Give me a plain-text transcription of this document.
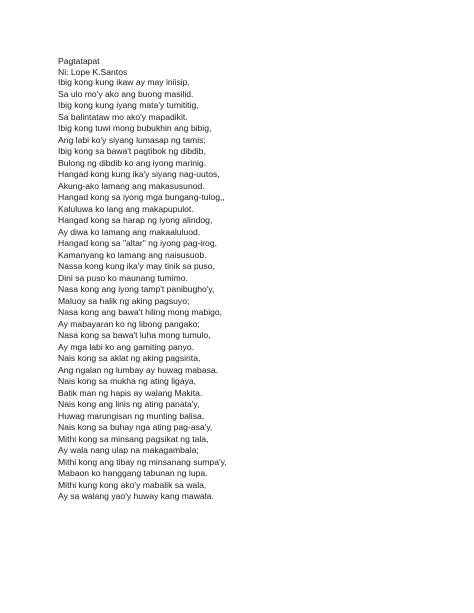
Pagtatapat
Ni: Lope K.Santos
Ibig kong kung ikaw ay may iniisip,
Sa ulo mo'y ako ang buong masilid.
Ibig kong kung iyang mata'y tumititig,
Sa balintataw mo ako'y mapadikit.
Ibig kong tuwi mong bubukhin ang bibig,
Ang labi ko'y siyang lumasap ng tamis;
Ibig kong sa bawa't pagtibok ng dibdib,
Bulong ng dibdib ko ang iyong marinig.
Hangad kong kung ika'y siyang nag-uutos,
Akung-ako lamang ang makasusunod.
Hangad kong sa iyong mga bungang-tulog,,
Kaluluwa ko lang ang makapupulot.
Hangad kong sa harap ng iyong alindog,
Ay diwa ko lamang ang makaaluluod.
Hangad kong sa "altar" ng iyong pag-irog,
Kamanyang ko lamang ang naisusuob.
Nassa kong kung ika'y may tinik sa puso,
Dini sa puso ko maunang tumimo.
Nasa kong ang iyong tamp't panibugho'y,
Maluoy sa halik ng aking pagsuyo;
Nasa kong ang bawa't hiling mong mabigo,
Ay mabayaran ko ng libong pangako;
Nasa kong sa bawa't luha mong tumulo,
Ay mga labi ko ang gamiting panyo.
Nais kong sa aklat ng aking pagsinta,
Ang ngalan ng lumbay ay huwag mabasa.
Nais kong sa mukha ng ating ligaya,
Batik man ng hapis ay walang Makita.
Nais kong ang linis ng ating panata'y,
Huwag marungisan ng munting balisa,
Nais kong sa buhay nga ating pag-asa'y,
Mithi kong sa minsang pagsikat ng tala,
Ay wala nang ulap na makagambala;
Mithi kong ang tibay ng minsanang sumpa'y,
Mabaon ko hanggang tabunan ng lupa.
Mithi kung kong ako'y mabalik sa wala,
Ay sa walang yao'y huway kang mawala.
